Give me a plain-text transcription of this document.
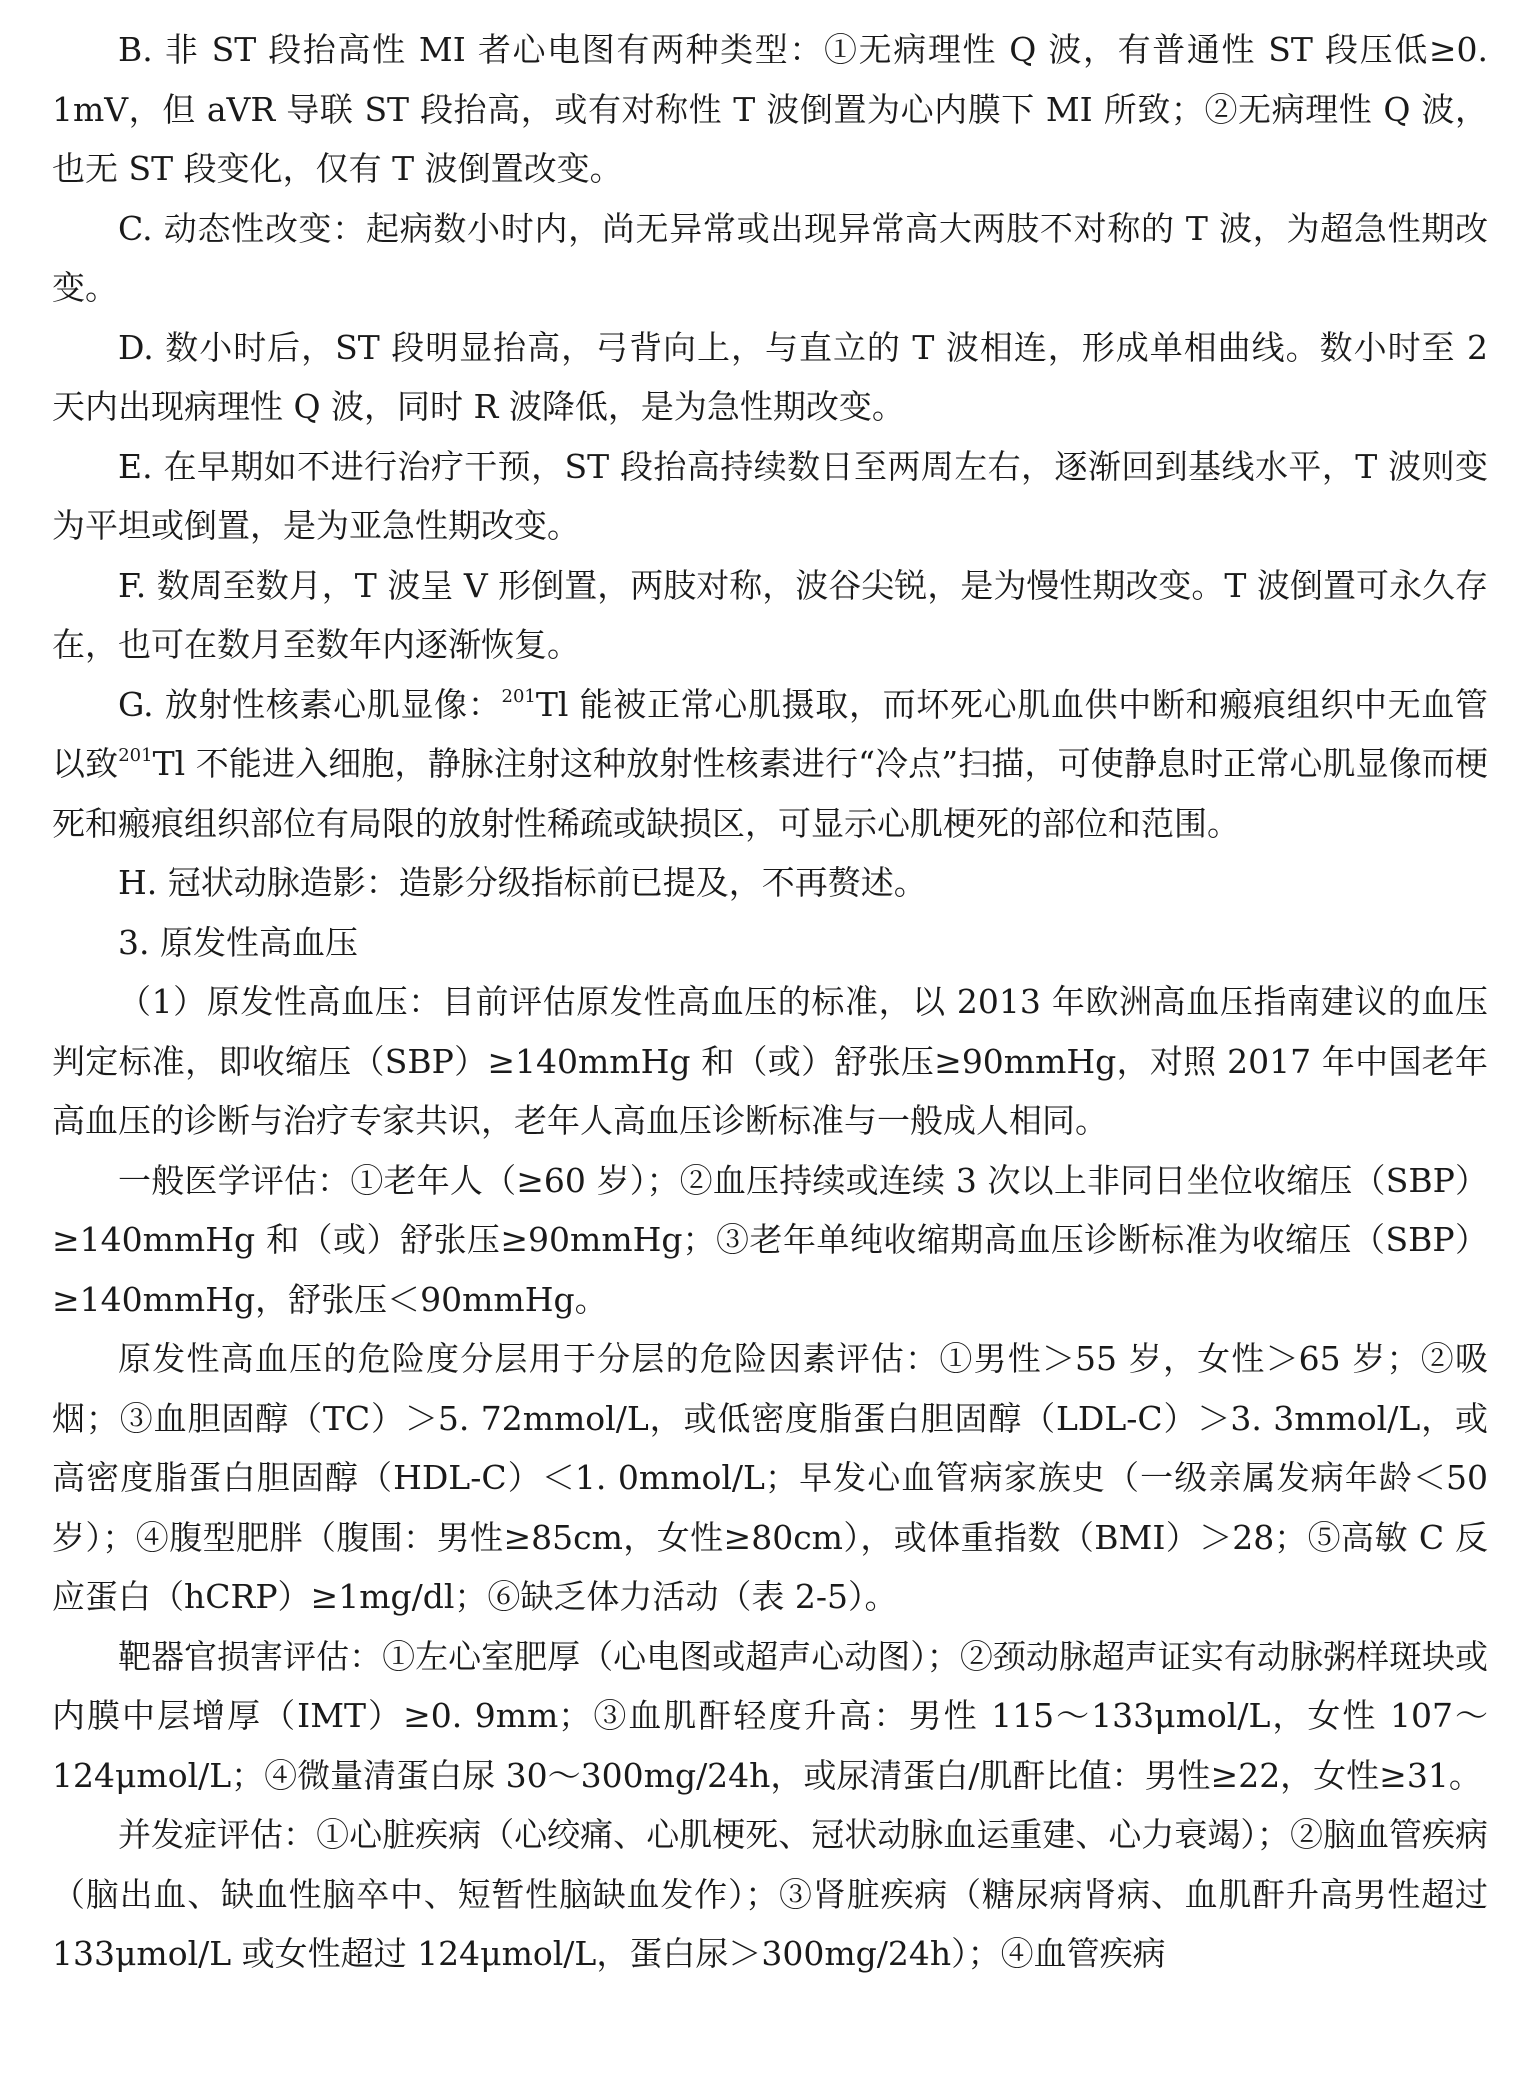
B. 非 ST 段抬高性 MI 者心电图有两种类型：①无病理性 Q 波，有普通性 ST 段压低≥0. 1mV，但 aVR 导联 ST 段抬高，或有对称性 T 波倒置为心内膜下 MI 所致；②无病理性 Q 波，也无 ST 段变化，仅有 T 波倒置改变。

C. 动态性改变：起病数小时内，尚无异常或出现异常高大两肢不对称的 T 波，为超急性期改变。

D. 数小时后，ST 段明显抬高，弓背向上，与直立的 T 波相连，形成单相曲线。数小时至 2 天内出现病理性 Q 波，同时 R 波降低，是为急性期改变。

E. 在早期如不进行治疗干预，ST 段抬高持续数日至两周左右，逐渐回到基线水平，T 波则变为平坦或倒置，是为亚急性期改变。

F. 数周至数月，T 波呈 V 形倒置，两肢对称，波谷尖锐，是为慢性期改变。T 波倒置可永久存在，也可在数月至数年内逐渐恢复。

G. 放射性核素心肌显像：$^{201}$Tl 能被正常心肌摄取，而坏死心肌血供中断和瘢痕组织中无血管以致$^{201}$Tl 不能进入细胞，静脉注射这种放射性核素进行“冷点”扫描，可使静息时正常心肌显像而梗死和瘢痕组织部位有局限的放射性稀疏或缺损区，可显示心肌梗死的部位和范围。

H. 冠状动脉造影：造影分级指标前已提及，不再赘述。

3. 原发性高血压

（1）原发性高血压：目前评估原发性高血压的标准，以 2013 年欧洲高血压指南建议的血压判定标准，即收缩压（SBP）≥140mmHg 和（或）舒张压≥90mmHg，对照 2017 年中国老年高血压的诊断与治疗专家共识，老年人高血压诊断标准与一般成人相同。

一般医学评估：①老年人（≥60 岁）；②血压持续或连续 3 次以上非同日坐位收缩压（SBP）≥140mmHg 和（或）舒张压≥90mmHg；③老年单纯收缩期高血压诊断标准为收缩压（SBP）≥140mmHg，舒张压＜90mmHg。

原发性高血压的危险度分层用于分层的危险因素评估：①男性＞55 岁，女性＞65 岁；②吸烟；③血胆固醇（TC）＞5. 72mmol/L，或低密度脂蛋白胆固醇（LDL-C）＞3. 3mmol/L，或高密度脂蛋白胆固醇（HDL-C）＜1. 0mmol/L；早发心血管病家族史（一级亲属发病年龄＜50 岁）；④腹型肥胖（腹围：男性≥85cm，女性≥80cm），或体重指数（BMI）＞28；⑤高敏 C 反应蛋白（hCRP）≥1mg/dl；⑥缺乏体力活动（表 2-5）。

靶器官损害评估：①左心室肥厚（心电图或超声心动图）；②颈动脉超声证实有动脉粥样斑块或内膜中层增厚（IMT）≥0. 9mm；③血肌酐轻度升高：男性 115～133μmol/L，女性 107～124μmol/L；④微量清蛋白尿 30～300mg/24h，或尿清蛋白/肌酐比值：男性≥22，女性≥31。

并发症评估：①心脏疾病（心绞痛、心肌梗死、冠状动脉血运重建、心力衰竭）；②脑血管疾病（脑出血、缺血性脑卒中、短暂性脑缺血发作）；③肾脏疾病（糖尿病肾病、血肌酐升高男性超过 133μmol/L 或女性超过 124μmol/L，蛋白尿＞300mg/24h）；④血管疾病
